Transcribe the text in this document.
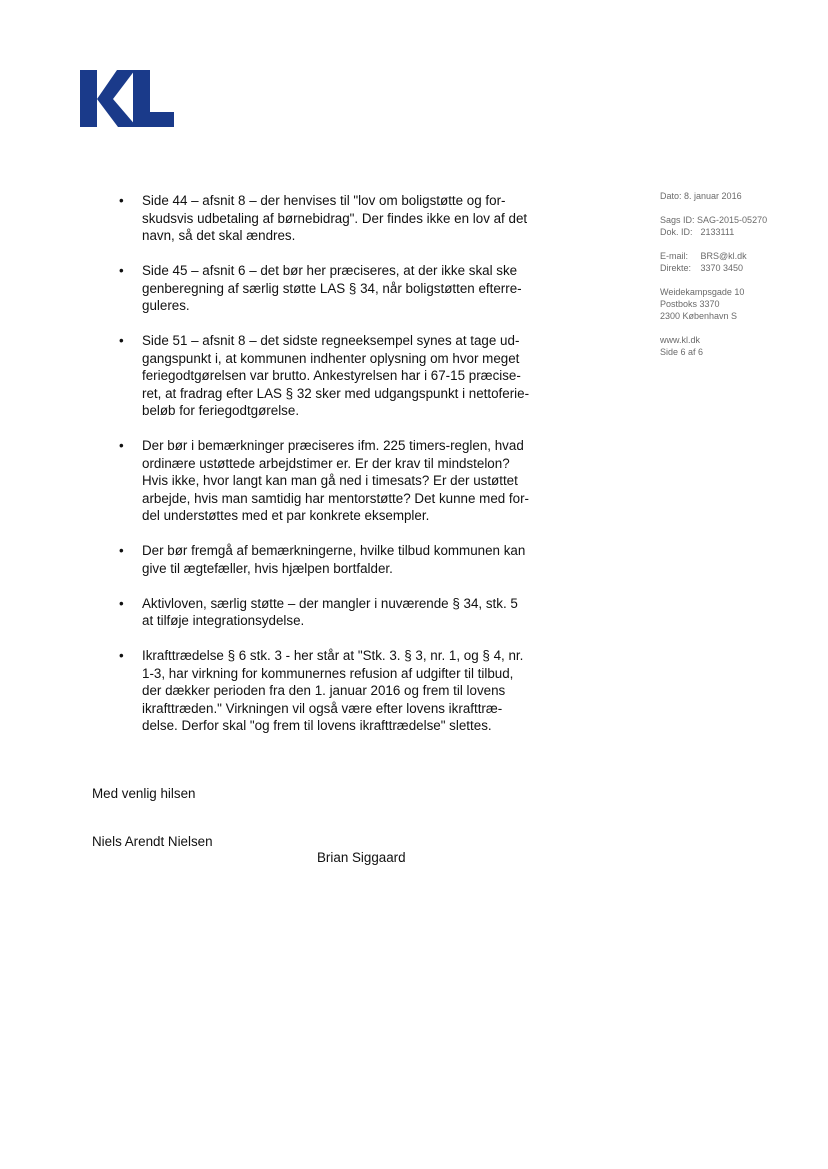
Dato: 8. januar 2016
Sags ID: SAG-2015-05270
Dok. ID: 2133111
E-mail: BRS@kl.dk
Direkte: 3370 3450
Weidekampsgade 10
Postboks 3370
2300 København S
www.kl.dk
Side 6 af 6
• Side 44 – afsnit 8 – der henvises til "lov om boligstøtte og for-
skudsvis udbetaling af børnebidrag". Der findes ikke en lov af det
navn, så det skal ændres.
• Side 45 – afsnit 6 – det bør her præciseres, at der ikke skal ske
genberegning af særlig støtte LAS § 34, når boligstøtten efterre-
guleres.
• Side 51 – afsnit 8 – det sidste regneeksempel synes at tage ud-
gangspunkt i, at kommunen indhenter oplysning om hvor meget
feriegodtgørelsen var brutto. Ankestyrelsen har i 67-15 præcise-
ret, at fradrag efter LAS § 32 sker med udgangspunkt i nettoferie-
beløb for feriegodtgørelse.
• Der bør i bemærkninger præciseres ifm. 225 timers-reglen, hvad
ordinære ustøttede arbejdstimer er. Er der krav til mindstelon?
Hvis ikke, hvor langt kan man gå ned i timesats? Er der ustøttet
arbejde, hvis man samtidig har mentorstøtte? Det kunne med for-
del understøttes med et par konkrete eksempler.
• Der bør fremgå af bemærkningerne, hvilke tilbud kommunen kan
give til ægtefæller, hvis hjælpen bortfalder.
• Aktivloven, særlig støtte – der mangler i nuværende § 34, stk. 5
at tilføje integrationsydelse.
• Ikrafttrædelse § 6 stk. 3 - her står at "Stk. 3. § 3, nr. 1, og § 4, nr.
1-3, har virkning for kommunernes refusion af udgifter til tilbud,
der dækker perioden fra den 1. januar 2016 og frem til lovens
ikrafttræden." Virkningen vil også være efter lovens ikrafttræ-
delse. Derfor skal "og frem til lovens ikrafttrædelse" slettes.
Med venlig hilsen
Niels Arendt Nielsen
Brian Siggaard
